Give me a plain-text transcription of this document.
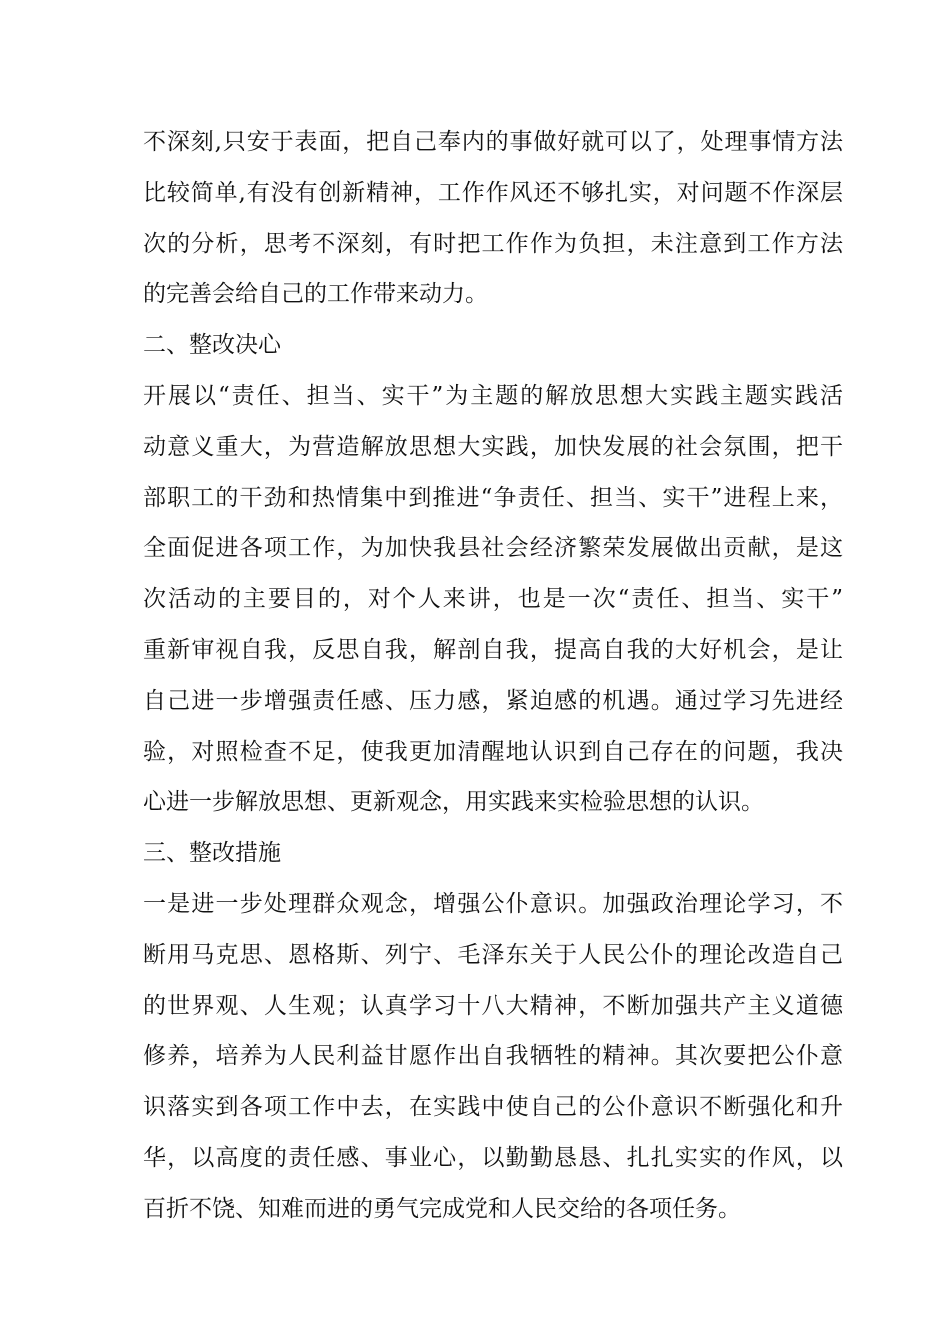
不深刻,只安于表面，把自己奉内的事做好就可以了，处理事情方法
比较简单,有没有创新精神，工作作风还不够扎实，对问题不作深层
次的分析，思考不深刻，有时把工作作为负担，未注意到工作方法
的完善会给自己的工作带来动力。
二、整改决心
开展以“责任、担当、实干”为主题的解放思想大实践主题实践活
动意义重大，为营造解放思想大实践，加快发展的社会氛围，把干
部职工的干劲和热情集中到推进“争责任、担当、实干”进程上来，
全面促进各项工作，为加快我县社会经济繁荣发展做出贡献，是这
次活动的主要目的，对个人来讲，也是一次“责任、担当、实干”
重新审视自我，反思自我，解剖自我，提高自我的大好机会，是让
自己进一步增强责任感、压力感，紧迫感的机遇。通过学习先进经
验，对照检查不足，使我更加清醒地认识到自己存在的问题，我决
心进一步解放思想、更新观念，用实践来实检验思想的认识。
三、整改措施
一是进一步处理群众观念，增强公仆意识。加强政治理论学习，不
断用马克思、恩格斯、列宁、毛泽东关于人民公仆的理论改造自己
的世界观、人生观；认真学习十八大精神，不断加强共产主义道德
修养，培养为人民利益甘愿作出自我牺牲的精神。其次要把公仆意
识落实到各项工作中去，在实践中使自己的公仆意识不断强化和升
华，以高度的责任感、事业心，以勤勤恳恳、扎扎实实的作风，以
百折不饶、知难而进的勇气完成党和人民交给的各项任务。
